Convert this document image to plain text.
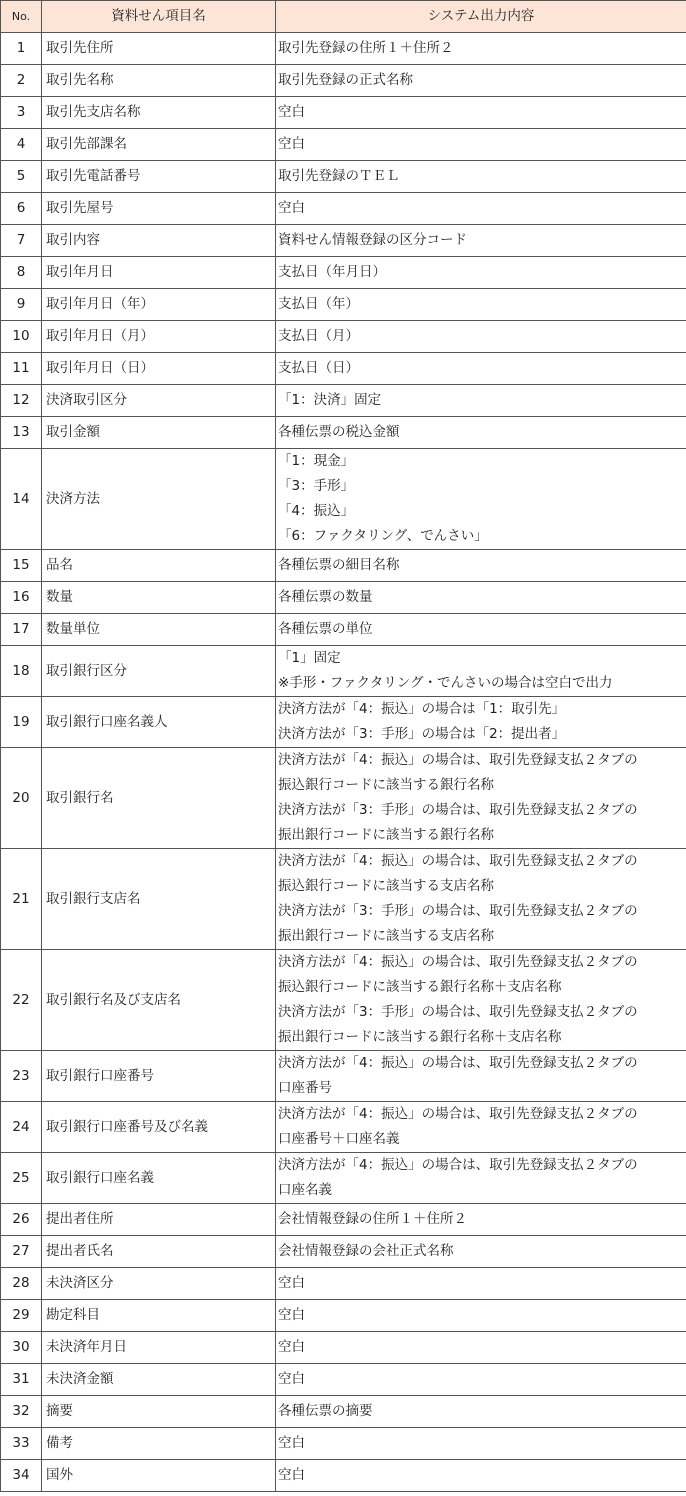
No.	資料せん項目名	システム出力内容
1	取引先住所	取引先登録の住所１＋住所２

2	取引先名称	取引先登録の正式名称

3	取引先支店名称	空白

4	取引先部課名	空白

5	取引先電話番号	取引先登録のＴＥＬ

6	取引先屋号	空白

7	取引内容	資料せん情報登録の区分コード

8	取引年月日	支払日（年月日）

9	取引年月日（年）	支払日（年）

10	取引年月日（月）	支払日（月）

11	取引年月日（日）	支払日（日）

12	決済取引区分	「1：決済」固定

13	取引金額	各種伝票の税込金額

14	決済方法	「1：現金」
「3：手形」
「4：振込」
「6：ファクタリング、でんさい」

15	品名	各種伝票の細目名称

16	数量	各種伝票の数量

17	数量単位	各種伝票の単位

18	取引銀行区分	「1」固定
※手形・ファクタリング・でんさいの場合は空白で出力

19	取引銀行口座名義人	決済方法が「4：振込」の場合は「1：取引先」
決済方法が「3：手形」の場合は「2：提出者」

20	取引銀行名	決済方法が「4：振込」の場合は、取引先登録支払２タブの
振込銀行コードに該当する銀行名称
決済方法が「3：手形」の場合は、取引先登録支払２タブの
振出銀行コードに該当する銀行名称

21	取引銀行支店名	決済方法が「4：振込」の場合は、取引先登録支払２タブの
振込銀行コードに該当する支店名称
決済方法が「3：手形」の場合は、取引先登録支払２タブの
振出銀行コードに該当する支店名称

22	取引銀行名及び支店名	決済方法が「4：振込」の場合は、取引先登録支払２タブの
振込銀行コードに該当する銀行名称＋支店名称
決済方法が「3：手形」の場合は、取引先登録支払２タブの
振出銀行コードに該当する銀行名称＋支店名称

23	取引銀行口座番号	決済方法が「4：振込」の場合は、取引先登録支払２タブの
口座番号

24	取引銀行口座番号及び名義	決済方法が「4：振込」の場合は、取引先登録支払２タブの
口座番号＋口座名義

25	取引銀行口座名義	決済方法が「4：振込」の場合は、取引先登録支払２タブの
口座名義

26	提出者住所	会社情報登録の住所１＋住所２

27	提出者氏名	会社情報登録の会社正式名称

28	未決済区分	空白

29	勘定科目	空白

30	未決済年月日	空白

31	未決済金額	空白

32	摘要	各種伝票の摘要

33	備考	空白

34	国外	空白
